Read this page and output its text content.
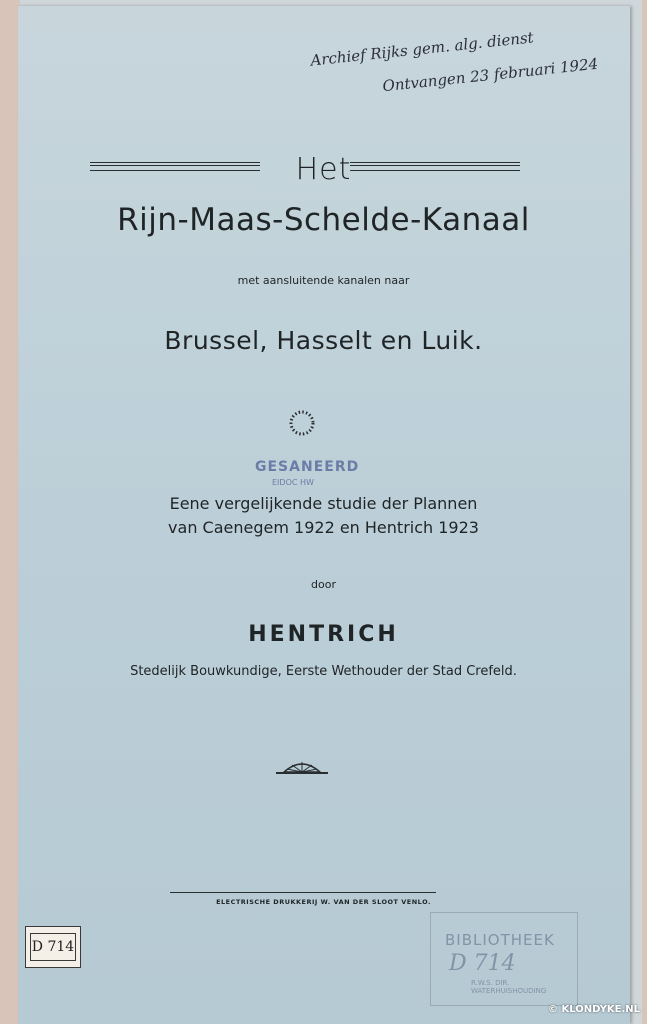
Archief Rijks gem. alg. dienst
Ontvangen 23 februari 1924
Het
Rijn-Maas-Schelde-Kanaal
met aansluitende kanalen naar
Brussel, Hasselt en Luik.
GESANEERD
EIDOC HW
Eene vergelijkende studie der Plannen
van Caenegem 1922 en Hentrich 1923
door
HENTRICH
Stedelijk Bouwkundige, Eerste Wethouder der Stad Crefeld.
ELECTRISCHE DRUKKERIJ W. VAN DER SLOOT VENLO.
D 714	BIBLIOTHEEK
D 714
R.W.S. DIR. WATERHUISHOUDING
© KLONDYKE.NL
